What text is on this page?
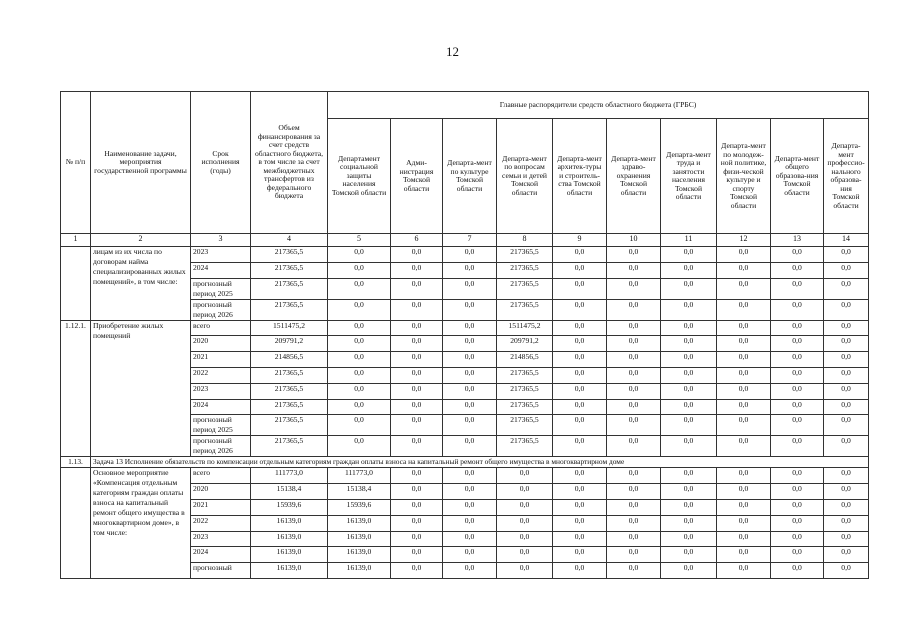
12
№ п/п	Наименование задачи, мероприятия государственной программы	Срок исполнения (годы)	Объем финансирования за счет средств областного бюджета, в том числе за счет межбюджетных трансфертов из федерального бюджета	Главные распорядители средств областного бюджета (ГРБС)									
				Департамент социальной защиты населения Томской области	Адми-нистрация Томской области	Департа-мент по культуре Томской области	Департа-мент по вопросам семьи и детей Томской области	Департа-мент архитек-туры и строитель-ства Томской области	Департа-мент здраво-охранения Томской области	Департа-мент труда и занятости населения Томской области	Департа-мент по молодеж-ной политике, физи-ческой культуре и спорту Томской области	Департа-мент общего образова-ния Томской области	Департа-мент профессио-нального образова-ния Томской области
1	2	3	4	5	6	7	8	9	10	11	12	13	14
	лицам из их числа по договорам найма специализированных жилых помещений», в том числе:	2023	217365,5	0,0	0,0	0,0	217365,5	0,0	0,0	0,0	0,0	0,0	0,0
		2024	217365,5	0,0	0,0	0,0	217365,5	0,0	0,0	0,0	0,0	0,0	0,0
		прогнозный период 2025	217365,5	0,0	0,0	0,0	217365,5	0,0	0,0	0,0	0,0	0,0	0,0
		прогнозный период 2026	217365,5	0,0	0,0	0,0	217365,5	0,0	0,0	0,0	0,0	0,0	0,0
1.12.1.	Приобретение жилых помещений	всего	1511475,2	0,0	0,0	0,0	1511475,2	0,0	0,0	0,0	0,0	0,0	0,0
		2020	209791,2	0,0	0,0	0,0	209791,2	0,0	0,0	0,0	0,0	0,0	0,0
		2021	214856,5	0,0	0,0	0,0	214856,5	0,0	0,0	0,0	0,0	0,0	0,0
		2022	217365,5	0,0	0,0	0,0	217365,5	0,0	0,0	0,0	0,0	0,0	0,0
		2023	217365,5	0,0	0,0	0,0	217365,5	0,0	0,0	0,0	0,0	0,0	0,0
		2024	217365,5	0,0	0,0	0,0	217365,5	0,0	0,0	0,0	0,0	0,0	0,0
		прогнозный период 2025	217365,5	0,0	0,0	0,0	217365,5	0,0	0,0	0,0	0,0	0,0	0,0
		прогнозный период 2026	217365,5	0,0	0,0	0,0	217365,5	0,0	0,0	0,0	0,0	0,0	0,0
1.13.	Задача 13 Исполнение обязательств по компенсации отдельным категориям граждан оплаты взноса на капитальный ремонт общего имущества в многоквартирном доме												
	Основное мероприятие «Компенсация отдельным категориям граждан оплаты взноса на капитальный ремонт общего имущества в многоквартирном доме», в том числе:	всего	111773,0	111773,0	0,0	0,0	0,0	0,0	0,0	0,0	0,0	0,0	0,0
		2020	15138,4	15138,4	0,0	0,0	0,0	0,0	0,0	0,0	0,0	0,0	0,0
		2021	15939,6	15939,6	0,0	0,0	0,0	0,0	0,0	0,0	0,0	0,0	0,0
		2022	16139,0	16139,0	0,0	0,0	0,0	0,0	0,0	0,0	0,0	0,0	0,0
		2023	16139,0	16139,0	0,0	0,0	0,0	0,0	0,0	0,0	0,0	0,0	0,0
		2024	16139,0	16139,0	0,0	0,0	0,0	0,0	0,0	0,0	0,0	0,0	0,0
		прогнозный	16139,0	16139,0	0,0	0,0	0,0	0,0	0,0	0,0	0,0	0,0	0,0
